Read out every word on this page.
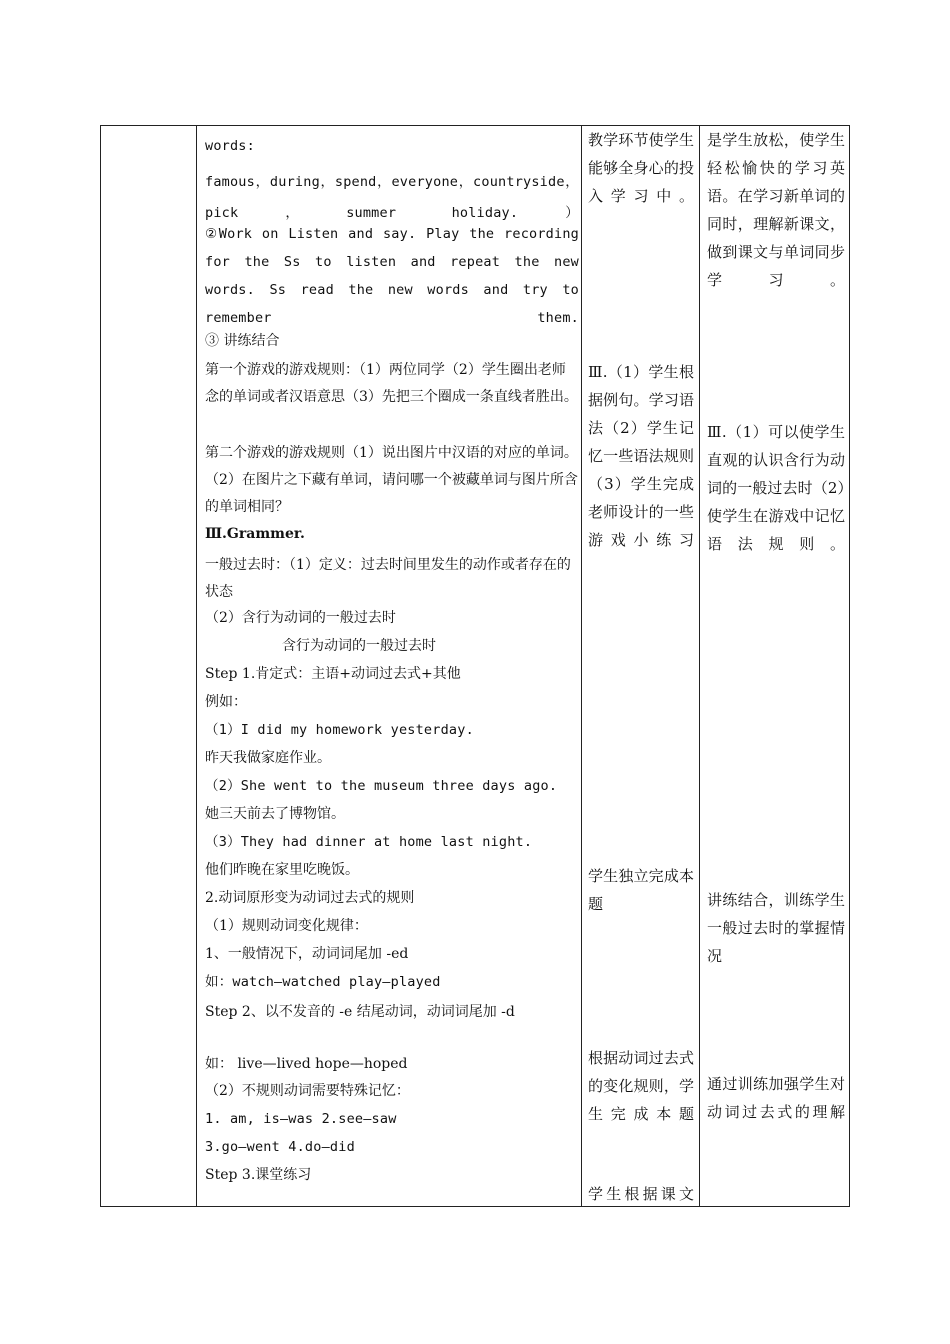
words:
famous，during，spend，everyone，countryside，pick，summer holiday.）
②Work on Listen and say. Play the recording for the Ss to listen and repeat the new words. Ss read the new words and try to remember them.
③ 讲练结合
第一个游戏的游戏规则：（1）两位同学（2）学生圈出老师念的单词或者汉语意思（3）先把三个圈成一条直线者胜出。
第二个游戏的游戏规则（1）说出图片中汉语的对应的单词。（2）在图片之下藏有单词，请问哪一个被藏单词与图片所含的单词相同？
Ⅲ.Grammer.
一般过去时：（1）定义：过去时间里发生的动作或者存在的状态
（2）含行为动词的一般过去时
含行为动词的一般过去时
Step 1.肯定式：主语+动词过去式+其他
例如：
（1）I did my homework yesterday.
昨天我做家庭作业。
（2）She went to the museum three days ago.
她三天前去了博物馆。
（3）They had dinner at home last night.
他们昨晚在家里吃晚饭。
2.动词原形变为动词过去式的规则
（1）规则动词变化规律：
1、一般情况下，动词词尾加 -ed
如：watch—watched play—played
Step 2、以不发音的 -e 结尾动词，动词词尾加 -d
如： live—lived hope—hoped
（2）不规则动词需要特殊记忆：
1. am, is—was 2.see—saw
3.go—went 4.do—did
Step 3.课堂练习
教学环节使学生能够全身心的投入学习中。
Ⅲ.（1）学生根据例句。学习语法（2）学生记忆一些语法规则（3）学生完成老师设计的一些游戏小练习
学生独立完成本题
根据动词过去式的变化规则，学生完成本题
学生根据课文
是学生放松，使学生轻松愉快的学习英语。在学习新单词的同时，理解新课文，做到课文与单词同步学习。
Ⅲ.（1）可以使学生直观的认识含行为动词的一般过去时（2）使学生在游戏中记忆语法规则。
讲练结合，训练学生一般过去时的掌握情况
通过训练加强学生对动词过去式的理解
